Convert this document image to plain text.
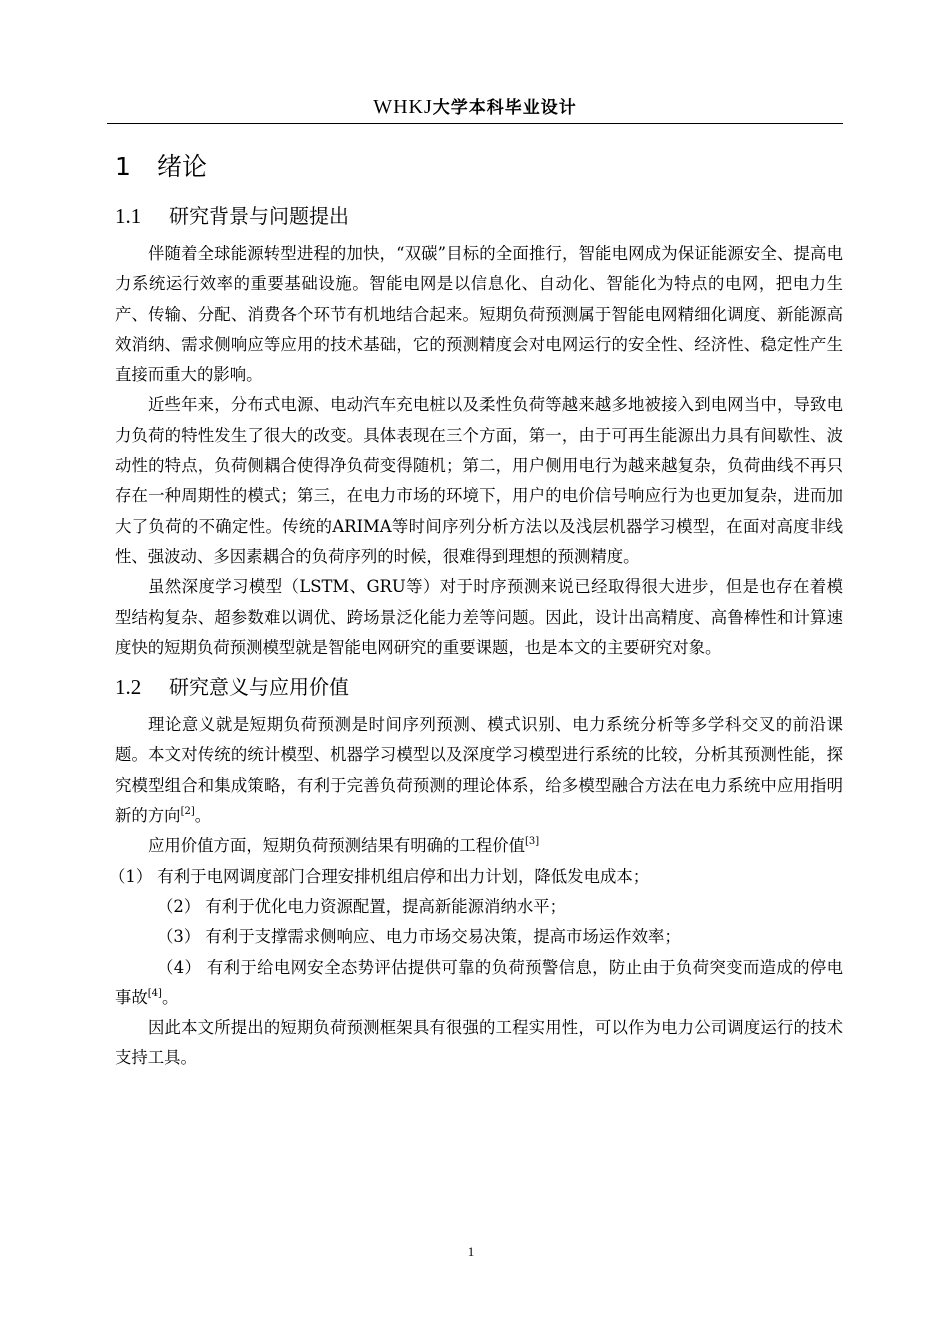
WHKJ大学本科毕业设计
1 绪论
1.1 研究背景与问题提出

伴随着全球能源转型进程的加快，“双碳”目标的全面推行，智能电网成为保证能源安全、提高电力系统运行效率的重要基础设施。智能电网是以信息化、自动化、智能化为特点的电网，把电力生产、传输、分配、消费各个环节有机地结合起来。短期负荷预测属于智能电网精细化调度、新能源高效消纳、需求侧响应等应用的技术基础，它的预测精度会对电网运行的安全性、经济性、稳定性产生直接而重大的影响。

近些年来，分布式电源、电动汽车充电桩以及柔性负荷等越来越多地被接入到电网当中，导致电力负荷的特性发生了很大的改变。具体表现在三个方面，第一，由于可再生能源出力具有间歇性、波动性的特点，负荷侧耦合使得净负荷变得随机；第二，用户侧用电行为越来越复杂，负荷曲线不再只存在一种周期性的模式；第三，在电力市场的环境下，用户的电价信号响应行为也更加复杂，进而加大了负荷的不确定性。传统的ARIMA等时间序列分析方法以及浅层机器学习模型，在面对高度非线性、强波动、多因素耦合的负荷序列的时候，很难得到理想的预测精度。

虽然深度学习模型（LSTM、GRU等）对于时序预测来说已经取得很大进步，但是也存在着模型结构复杂、超参数难以调优、跨场景泛化能力差等问题。因此，设计出高精度、高鲁棒性和计算速度快的短期负荷预测模型就是智能电网研究的重要课题，也是本文的主要研究对象。

1.2 研究意义与应用价值

理论意义就是短期负荷预测是时间序列预测、模式识别、电力系统分析等多学科交叉的前沿课题。本文对传统的统计模型、机器学习模型以及深度学习模型进行系统的比较，分析其预测性能，探究模型组合和集成策略，有利于完善负荷预测的理论体系，给多模型融合方法在电力系统中应用指明新的方向[2]。

应用价值方面，短期负荷预测结果有明确的工程价值[3]

（1） 有利于电网调度部门合理安排机组启停和出力计划，降低发电成本；

（2） 有利于优化电力资源配置，提高新能源消纳水平；

（3） 有利于支撑需求侧响应、电力市场交易决策，提高市场运作效率；

（4） 有利于给电网安全态势评估提供可靠的负荷预警信息，防止由于负荷突变而造成的停电事故[4]。

因此本文所提出的短期负荷预测框架具有很强的工程实用性，可以作为电力公司调度运行的技术支持工具。

1
